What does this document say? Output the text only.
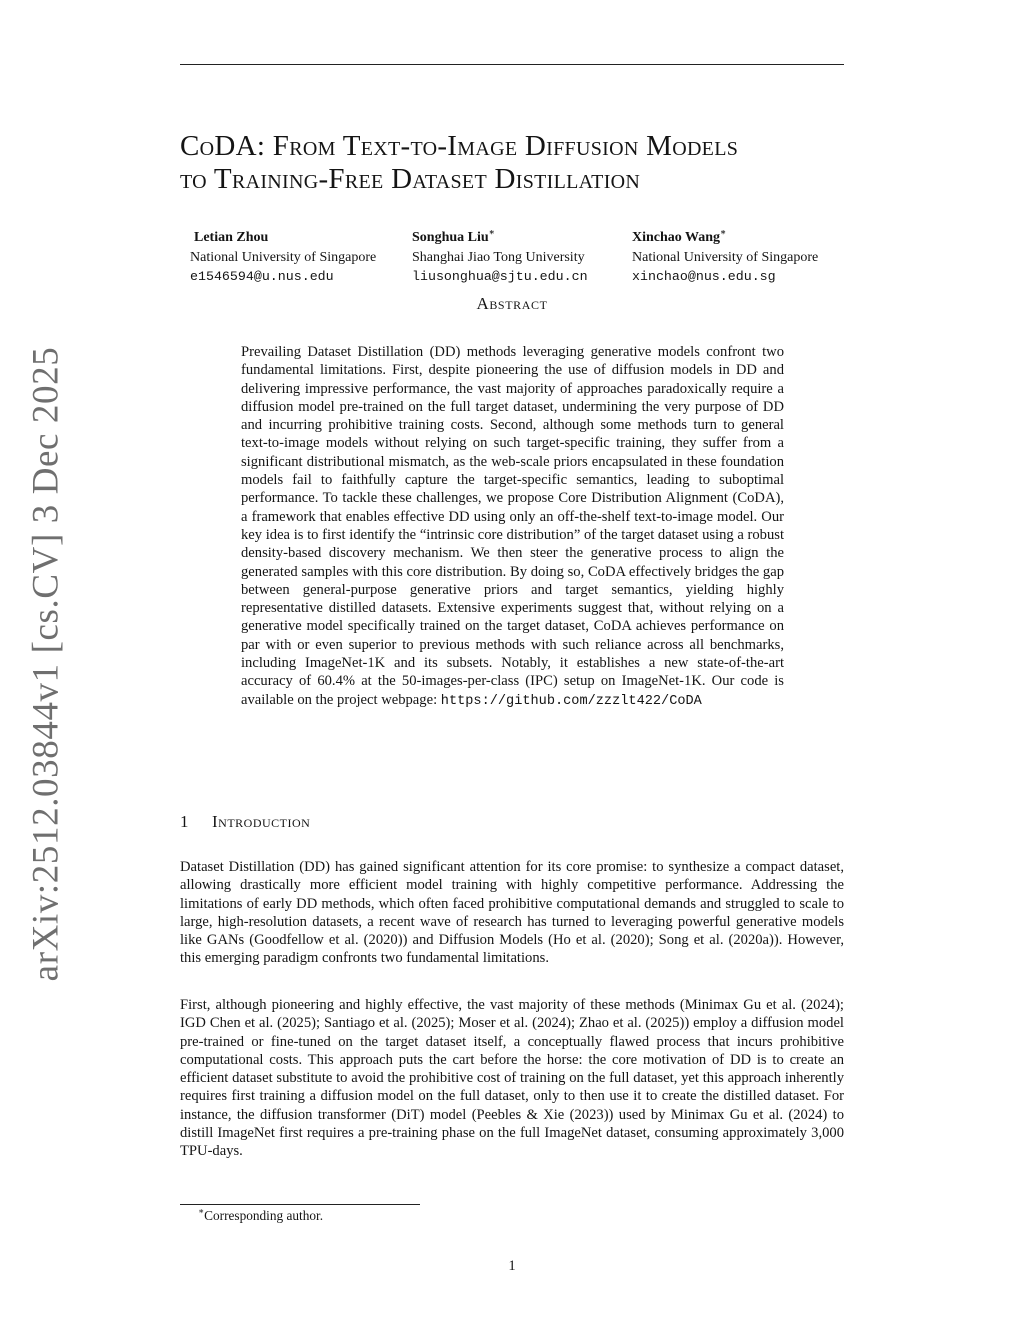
arXiv:2512.03844v1 [cs.CV] 3 Dec 2025
CoDA: From Text-to-Image Diffusion Models
to Training-Free Dataset Distillation
Letian Zhou
National University of Singapore
e1546594@u.nus.edu
Songhua Liu∗
Shanghai Jiao Tong University
liusonghua@sjtu.edu.cn
Xinchao Wang∗
National University of Singapore
xinchao@nus.edu.sg
Abstract

Prevailing Dataset Distillation (DD) methods leveraging generative models confront two fundamental limitations. First, despite pioneering the use of diffusion models in DD and delivering impressive performance, the vast majority of approaches paradoxically require a diffusion model pre-trained on the full target dataset, undermining the very purpose of DD and incurring prohibitive training costs. Second, although some methods turn to general text-to-image models without relying on such target-specific training, they suffer from a significant distributional mismatch, as the web-scale priors encapsulated in these foundation models fail to faithfully capture the target-specific semantics, leading to suboptimal performance. To tackle these challenges, we propose Core Distribution Alignment (CoDA), a framework that enables effective DD using only an off-the-shelf text-to-image model. Our key idea is to first identify the “intrinsic core distribution” of the target dataset using a robust density-based discovery mechanism. We then steer the generative process to align the generated samples with this core distribution. By doing so, CoDA effectively bridges the gap between general-purpose generative priors and target semantics, yielding highly representative distilled datasets. Extensive experiments suggest that, without relying on a generative model specifically trained on the target dataset, CoDA achieves performance on par with or even superior to previous methods with such reliance across all benchmarks, including ImageNet-1K and its subsets. Notably, it establishes a new state-of-the-art accuracy of 60.4% at the 50-images-per-class (IPC) setup on ImageNet-1K. Our code is available on the project webpage: https://github.com/zzzlt422/CoDA

1 Introduction

Dataset Distillation (DD) has gained significant attention for its core promise: to synthesize a compact dataset, allowing drastically more efficient model training with highly competitive performance. Addressing the limitations of early DD methods, which often faced prohibitive computational demands and struggled to scale to large, high-resolution datasets, a recent wave of research has turned to leveraging powerful generative models like GANs (Goodfellow et al. (2020)) and Diffusion Models (Ho et al. (2020); Song et al. (2020a)). However, this emerging paradigm confronts two fundamental limitations.

First, although pioneering and highly effective, the vast majority of these methods (Minimax Gu et al. (2024); IGD Chen et al. (2025); Santiago et al. (2025); Moser et al. (2024); Zhao et al. (2025)) employ a diffusion model pre-trained or fine-tuned on the target dataset itself, a conceptually flawed process that incurs prohibitive computational costs. This approach puts the cart before the horse: the core motivation of DD is to create an efficient dataset substitute to avoid the prohibitive cost of training on the full dataset, yet this approach inherently requires first training a diffusion model on the full dataset, only to then use it to create the distilled dataset. For instance, the diffusion transformer (DiT) model (Peebles & Xie (2023)) used by Minimax Gu et al. (2024) to distill ImageNet first requires a pre-training phase on the full ImageNet dataset, consuming approximately 3,000 TPU-days.

∗Corresponding author.
1
